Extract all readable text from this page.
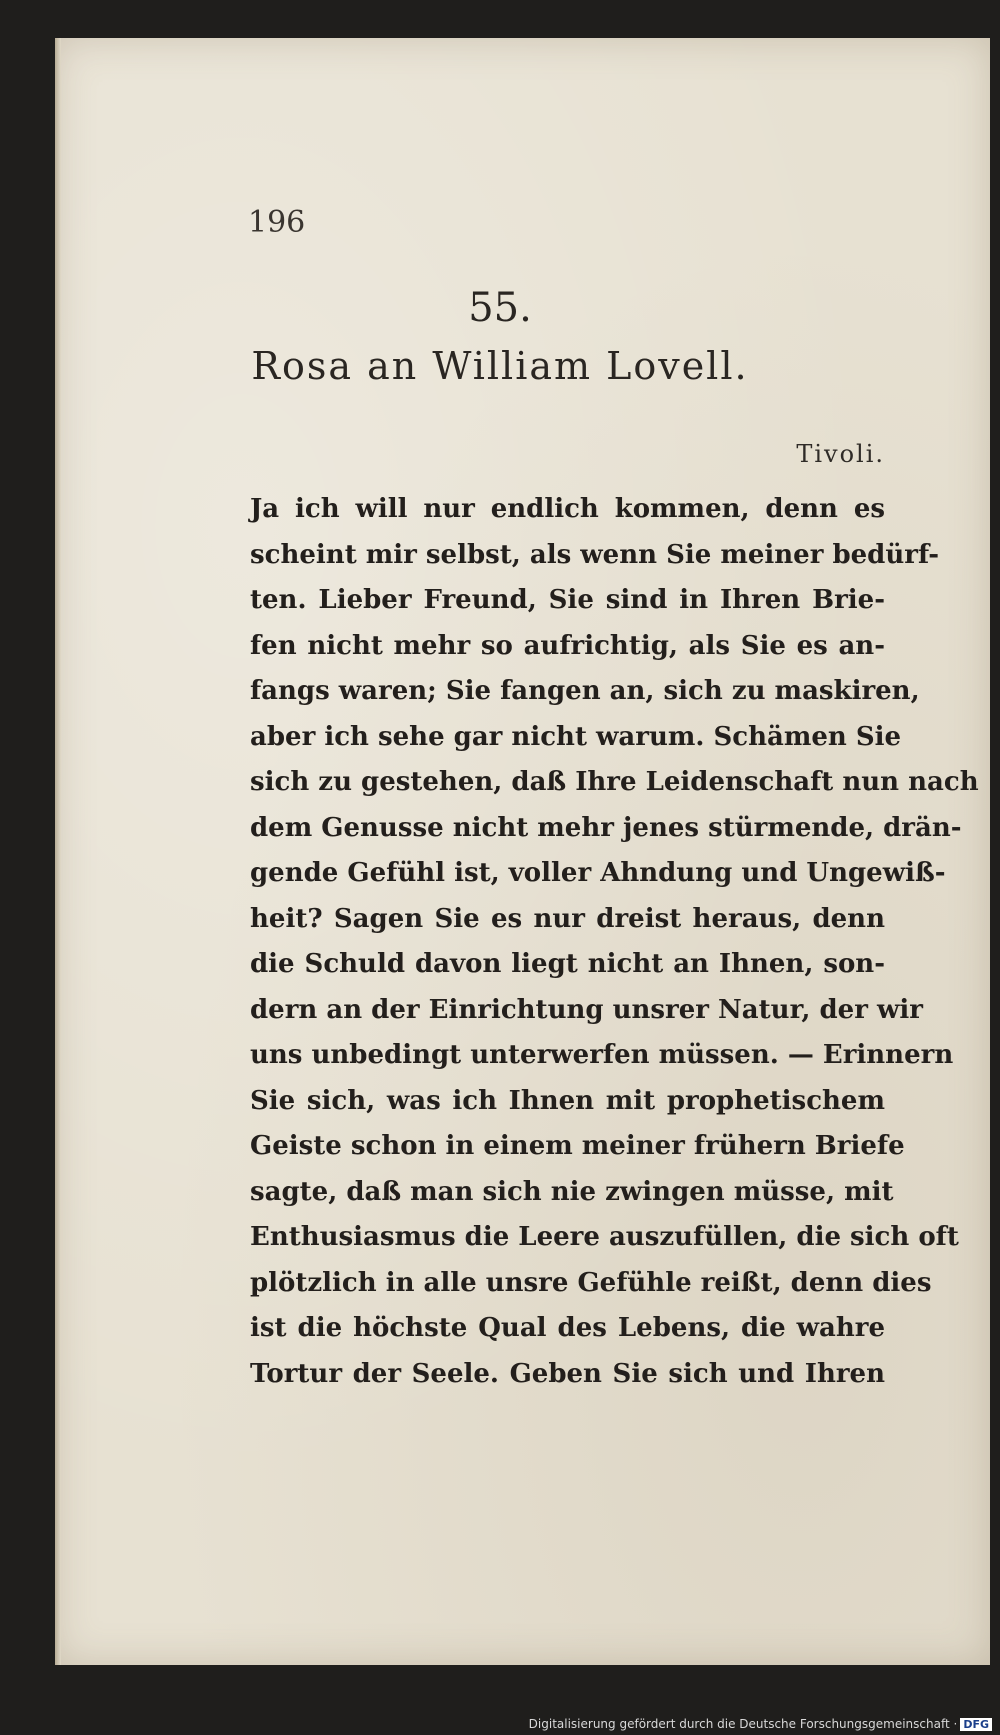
196
55.
Rosa an William Lovell.
Tivoli.
Ja ich will nur endlich kommen, denn es
scheint mir selbst, als wenn Sie meiner bedürf-
ten. Lieber Freund, Sie sind in Ihren Brie-
fen nicht mehr so aufrichtig, als Sie es an-
fangs waren; Sie fangen an, sich zu maskiren,
aber ich sehe gar nicht warum. Schämen Sie
sich zu gestehen, daß Ihre Leidenschaft nun nach
dem Genusse nicht mehr jenes stürmende, drän-
gende Gefühl ist, voller Ahndung und Ungewiß-
heit? Sagen Sie es nur dreist heraus, denn
die Schuld davon liegt nicht an Ihnen, son-
dern an der Einrichtung unsrer Natur, der wir
uns unbedingt unterwerfen müssen. — Erinnern
Sie sich, was ich Ihnen mit prophetischem
Geiste schon in einem meiner frühern Briefe
sagte, daß man sich nie zwingen müsse, mit
Enthusiasmus die Leere auszufüllen, die sich oft
plötzlich in alle unsre Gefühle reißt, denn dies
ist die höchste Qual des Lebens, die wahre
Tortur der Seele. Geben Sie sich und Ihren
Digitalisierung gefördert durch die Deutsche Forschungsgemeinschaft · DFG
